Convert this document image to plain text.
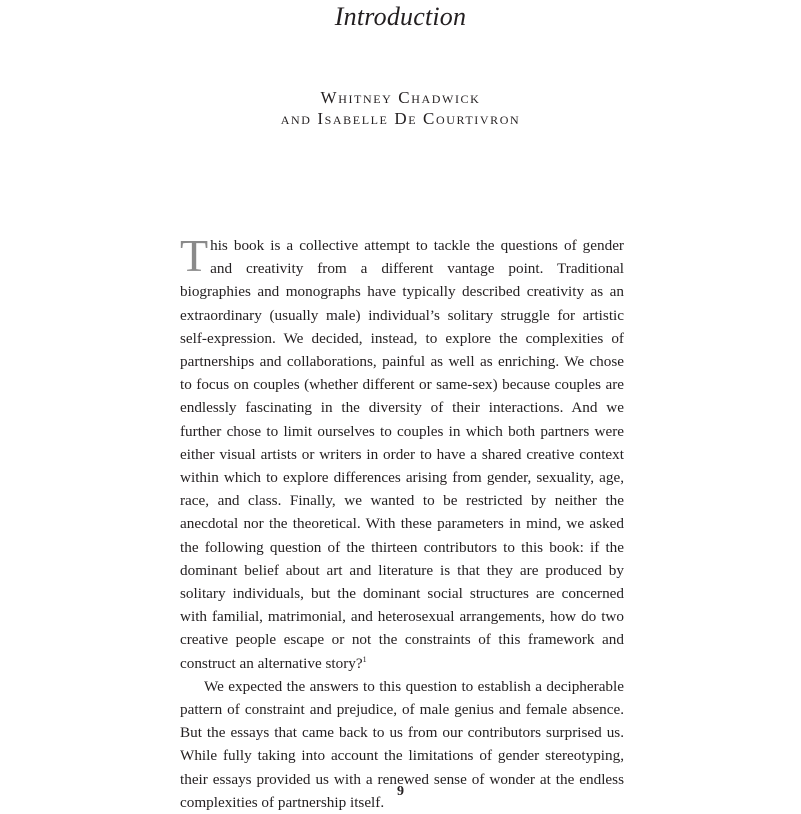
Introduction
Whitney Chadwick
and Isabelle De Courtivron

This book is a collective attempt to tackle the questions of gender and creativity from a different vantage point. Traditional biographies and monographs have typically described creativity as an extraordinary (usually male) individual’s solitary struggle for artistic self-expression. We decided, instead, to explore the complexities of partnerships and collaborations, painful as well as enriching. We chose to focus on couples (whether different or same-sex) because couples are endlessly fascinating in the diversity of their interactions. And we further chose to limit ourselves to couples in which both partners were either visual artists or writers in order to have a shared creative context within which to explore differences arising from gender, sexuality, age, race, and class. Finally, we wanted to be restricted by neither the anecdotal nor the theoretical. With these parameters in mind, we asked the following question of the thirteen contributors to this book: if the dominant belief about art and literature is that they are produced by solitary individuals, but the dominant social structures are concerned with familial, matrimonial, and heterosexual arrangements, how do two creative people escape or not the constraints of this framework and construct an alternative story?$^1$

We expected the answers to this question to establish a decipherable pattern of constraint and prejudice, of male genius and female absence. But the essays that came back to us from our contributors surprised us. While fully taking into account the limitations of gender stereotyping, their essays provided us with a renewed sense of wonder at the endless complexities of partnership itself.

9
